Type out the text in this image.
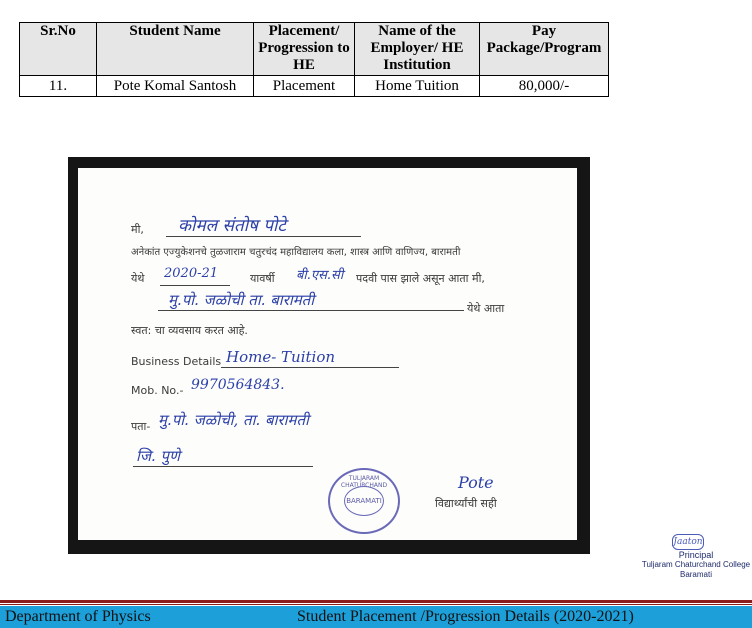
Sr.No	Student Name	Placement/ Progression to HE	Name of the Employer/ HE Institution	Pay Package/Program
11.	Pote Komal Santosh	Placement	Home Tuition	80,000/-
मी, कोमल संतोष पोटे
अनेकांत एज्युकेशनचे तुळजाराम चतुरचंद महाविद्यालय कला, शास्त्र आणि वाणिज्य, बारामती
येथे 2020-21	यावर्षी बी.एस.सी पदवी पास झाले असून आता मी,
मु.पो. जळोची ता. बारामती	येथे आता
स्वत: चा व्यवसाय करत आहे.
Business Details Home- Tuition
Mob. No.- 9970564843.
पता- मु.पो. जळोची, ता. बारामती
जि. पुणे
TULJARAM CHATURCHAND
BARAMATI
Pote
विद्यार्थ्यांची सही
Jaaton
Principal
Tuljaram Chaturchand College
Baramati
Department of Physics	Student Placement /Progression Details (2020-2021)
